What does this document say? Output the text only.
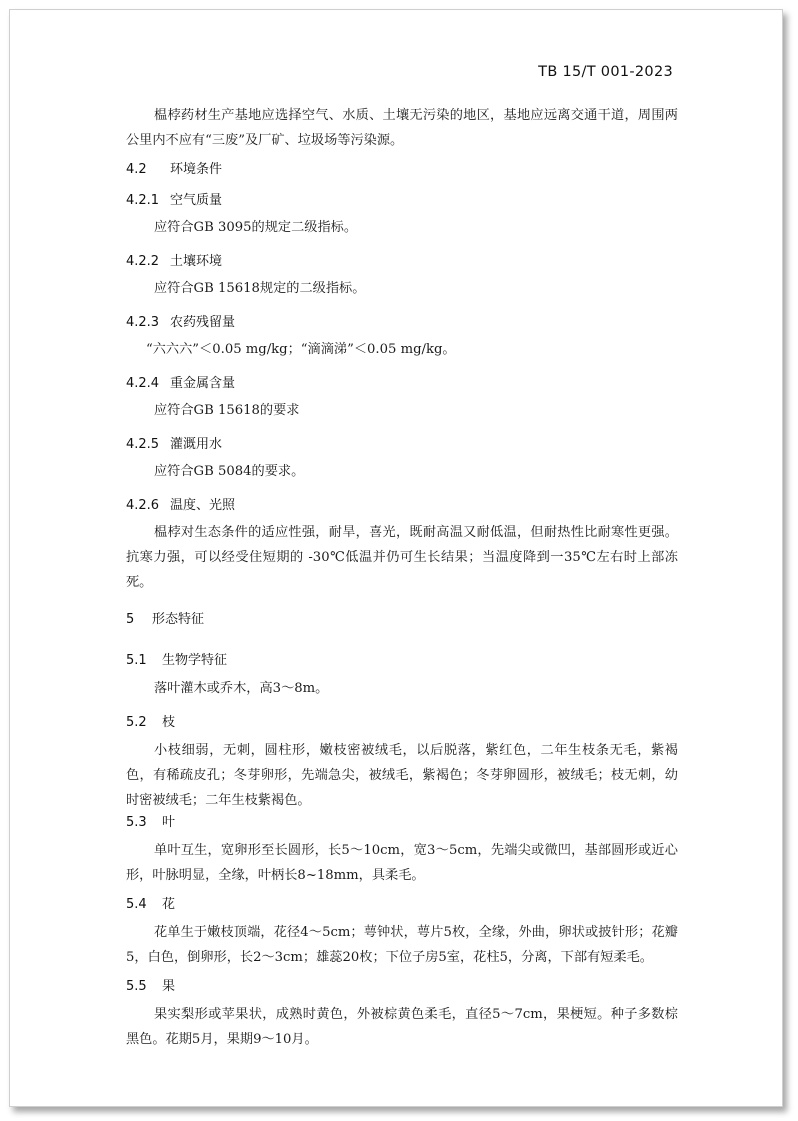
TB 15/T 001-2023

榅桲药材生产基地应选择空气、水质、土壤无污染的地区，基地应远离交通干道，周围两公里内不应有“三废”及厂矿、垃圾场等污染源。

4.2 环境条件
4.2.1 空气质量

应符合GB 3095的规定二级指标。

4.2.2 土壤环境

应符合GB 15618规定的二级指标。

4.2.3 农药残留量

“六六六”＜0.05 mg/kg；“滴滴涕”＜0.05 mg/kg。

4.2.4 重金属含量

应符合GB 15618的要求

4.2.5 灌溉用水

应符合GB 5084的要求。

4.2.6 温度、光照

榅桲对生态条件的适应性强，耐旱，喜光，既耐高温又耐低温，但耐热性比耐寒性更强。抗寒力强，可以经受住短期的 -30℃低温并仍可生长结果；当温度降到一35℃左右时上部冻死。

5 形态特征
5.1 生物学特征

落叶灌木或乔木，高3～8m。

5.2 枝

小枝细弱，无刺，圆柱形，嫩枝密被绒毛，以后脱落，紫红色，二年生枝条无毛，紫褐色，有稀疏皮孔；冬芽卵形，先端急尖，被绒毛，紫褐色；冬芽卵圆形，被绒毛；枝无刺，幼时密被绒毛；二年生枝紫褐色。

5.3 叶

单叶互生，宽卵形至长圆形，长5～10cm，宽3～5cm，先端尖或微凹，基部圆形或近心形，叶脉明显，全缘，叶柄长8~18mm，具柔毛。

5.4 花

花单生于嫩枝顶端，花径4～5cm；萼钟状，萼片5枚，全缘，外曲，卵状或披针形；花瓣 5，白色，倒卵形，长2～3cm；雄蕊20枚；下位子房5室，花柱5，分离，下部有短柔毛。

5.5 果

果实梨形或苹果状，成熟时黄色，外被棕黄色柔毛，直径5～7cm，果梗短。种子多数棕黑色。花期5月，果期9～10月。
